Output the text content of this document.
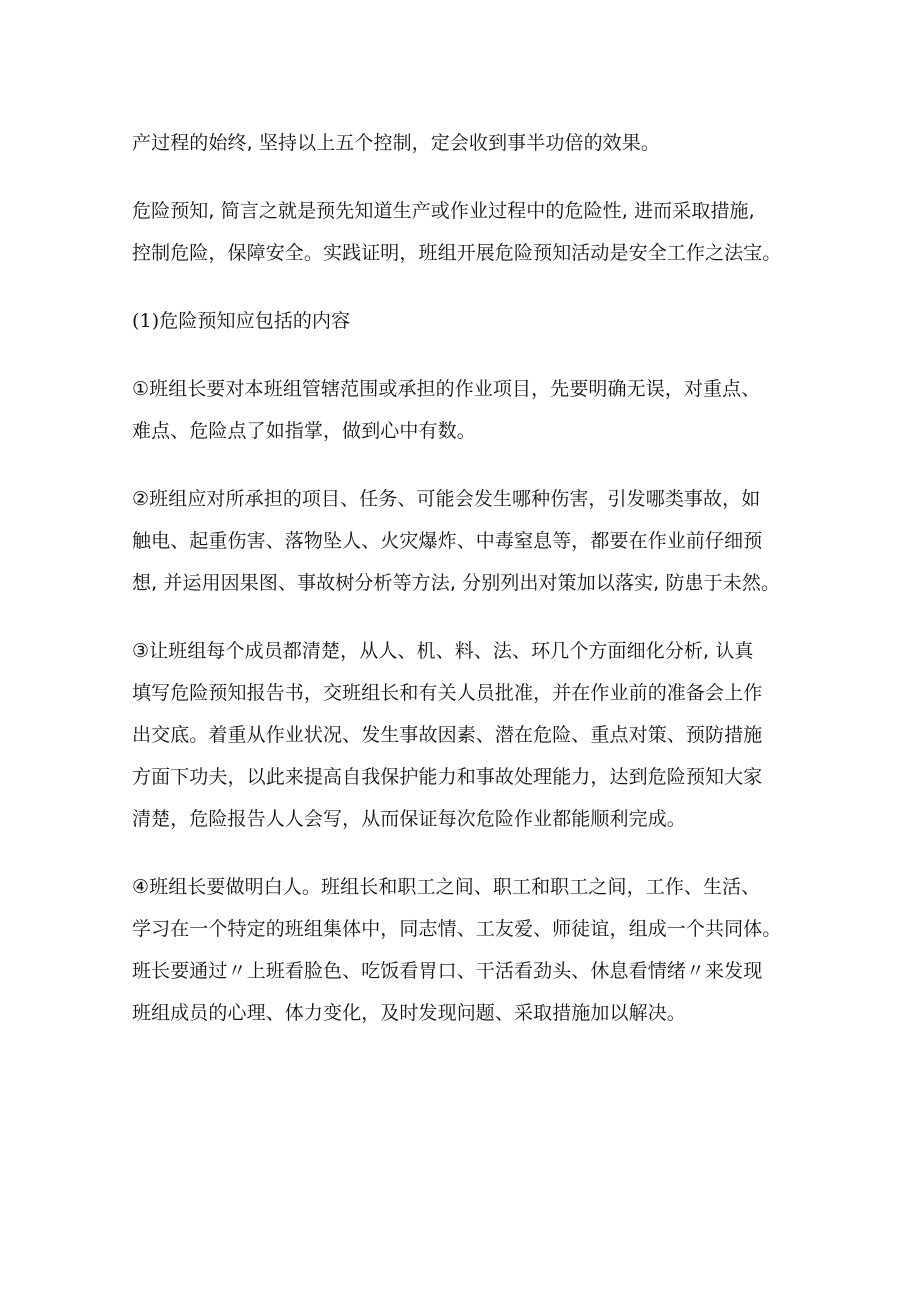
产过程的始终, 坚持以上五个控制，定会收到事半功倍的效果。

危险预知, 简言之就是预先知道生产或作业过程中的危险性, 进而采取措施,
控制危险，保障安全。实践证明，班组开展危险预知活动是安全工作之法宝。

(1)危险预知应包括的内容

①班组长要对本班组管辖范围或承担的作业项目，先要明确无误，对重点、
难点、危险点了如指掌，做到心中有数。

②班组应对所承担的项目、任务、可能会发生哪种伤害，引发哪类事故，如
触电、起重伤害、落物坠人、火灾爆炸、中毒窒息等，都要在作业前仔细预
想, 并运用因果图、事故树分析等方法, 分别列出对策加以落实, 防患于未然。

③让班组每个成员都清楚，从人、机、料、法、环几个方面细化分析, 认真
填写危险预知报告书，交班组长和有关人员批准，并在作业前的准备会上作
出交底。着重从作业状况、发生事故因素、潜在危险、重点对策、预防措施
方面下功夫，以此来提高自我保护能力和事故处理能力，达到危险预知大家
清楚，危险报告人人会写，从而保证每次危险作业都能顺利完成。

④班组长要做明白人。班组长和职工之间、职工和职工之间，工作、生活、
学习在一个特定的班组集体中，同志情、工友爱、师徒谊，组成一个共同体。
班长要通过〃上班看脸色、吃饭看胃口、干活看劲头、休息看情绪〃来发现
班组成员的心理、体力变化，及时发现问题、采取措施加以解决。
